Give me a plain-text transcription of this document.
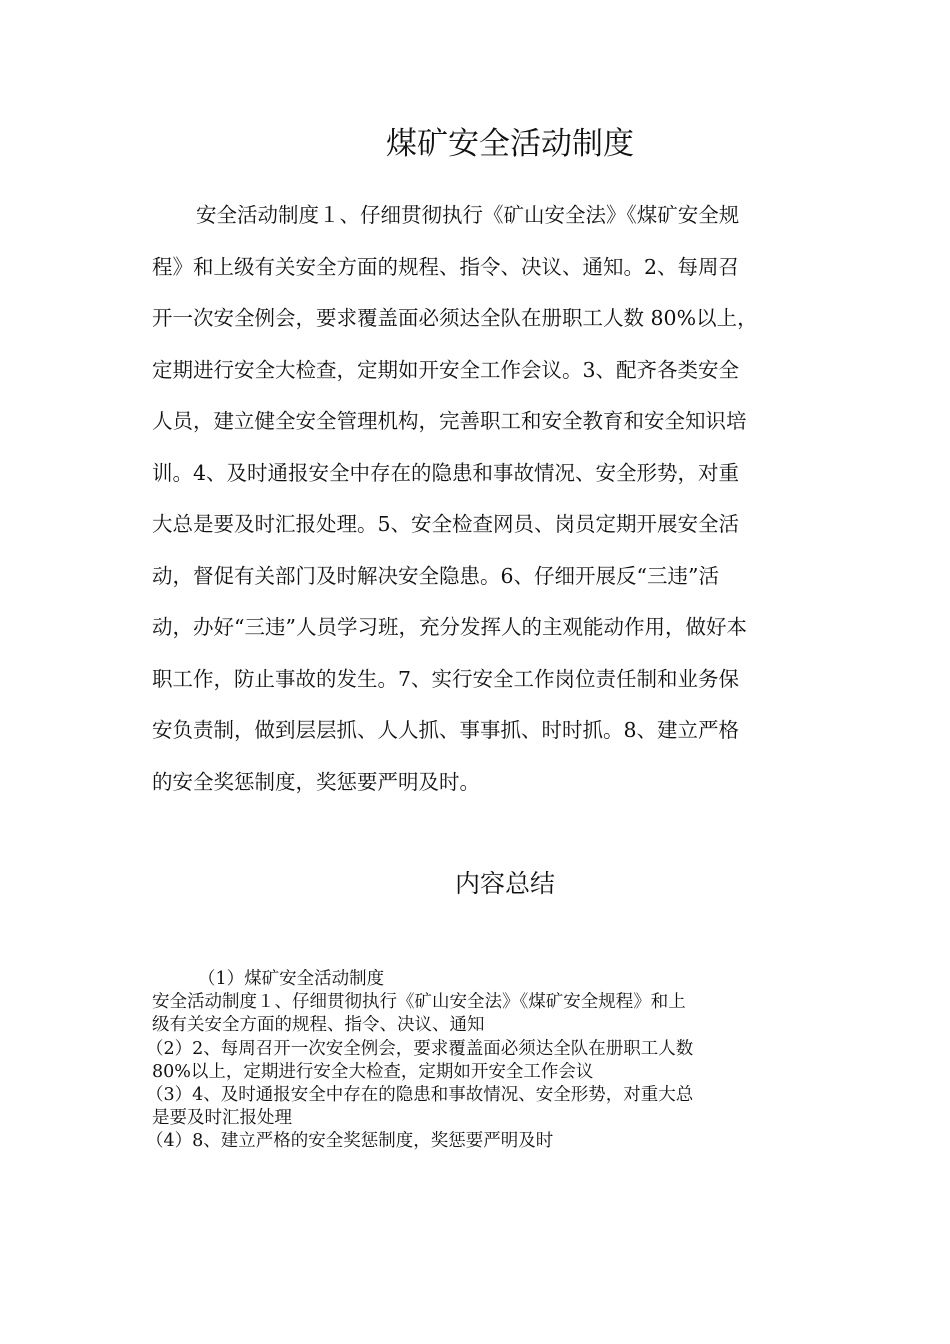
煤矿安全活动制度
安全活动制度１、仔细贯彻执行《矿山安全法》《煤矿安全规
程》和上级有关安全方面的规程、指令、决议、通知。2、每周召
开一次安全例会，要求覆盖面必须达全队在册职工人数 80%以上，
定期进行安全大检查，定期如开安全工作会议。3、配齐各类安全
人员，建立健全安全管理机构，完善职工和安全教育和安全知识培
训。4、及时通报安全中存在的隐患和事故情况、安全形势，对重
大总是要及时汇报处理。5、安全检查网员、岗员定期开展安全活
动，督促有关部门及时解决安全隐患。6、仔细开展反“三违”活
动，办好“三违”人员学习班，充分发挥人的主观能动作用，做好本
职工作，防止事故的发生。7、实行安全工作岗位责任制和业务保
安负责制，做到层层抓、人人抓、事事抓、时时抓。8、建立严格
的安全奖惩制度，奖惩要严明及时。
内容总结
（1）煤矿安全活动制度
安全活动制度１、仔细贯彻执行《矿山安全法》《煤矿安全规程》和上
级有关安全方面的规程、指令、决议、通知
（2）2、每周召开一次安全例会，要求覆盖面必须达全队在册职工人数
80%以上，定期进行安全大检查，定期如开安全工作会议
（3）4、及时通报安全中存在的隐患和事故情况、安全形势，对重大总
是要及时汇报处理
（4）8、建立严格的安全奖惩制度，奖惩要严明及时
